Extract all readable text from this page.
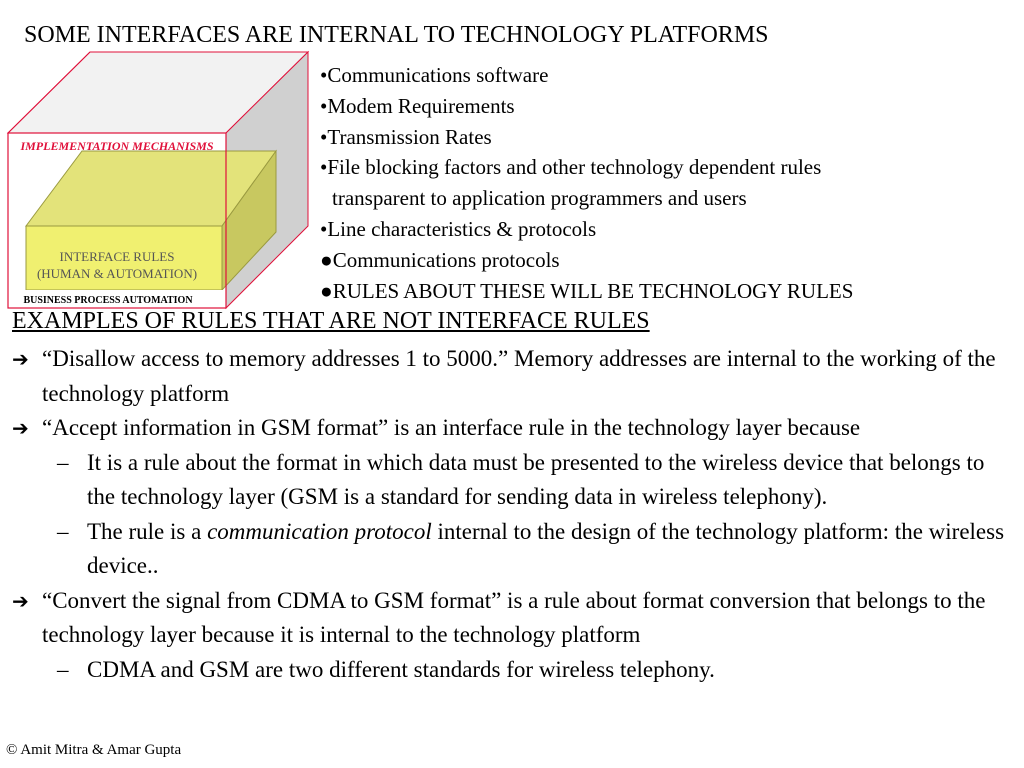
SOME INTERFACES ARE INTERNAL TO TECHNOLOGY PLATFORMS
IMPLEMENTATION MECHANISMS
INTERFACE RULES
(HUMAN & AUTOMATION)
BUSINESS PROCESS AUTOMATION
•Communications software
•Modem Requirements
•Transmission Rates
•File blocking factors and other technology dependent rules
transparent to application programmers and users
•Line characteristics & protocols
●Communications protocols
●RULES ABOUT THESE WILL BE TECHNOLOGY RULES
EXAMPLES OF RULES THAT ARE NOT INTERFACE RULES
➔ “Disallow access to memory addresses 1 to 5000.” Memory addresses are internal to the working of the technology platform
➔ “Accept information in GSM format” is an interface rule in the technology layer because
– It is a rule about the format in which data must be presented to the wireless device that belongs to the technology layer (GSM is a standard for sending data in wireless telephony).
– The rule is a communication protocol internal to the design of the technology platform: the wireless device..
➔ “Convert the signal from CDMA to GSM format” is a rule about format conversion that belongs to the technology layer because it is internal to the technology platform
– CDMA and GSM are two different standards for wireless telephony.
© Amit Mitra & Amar Gupta
